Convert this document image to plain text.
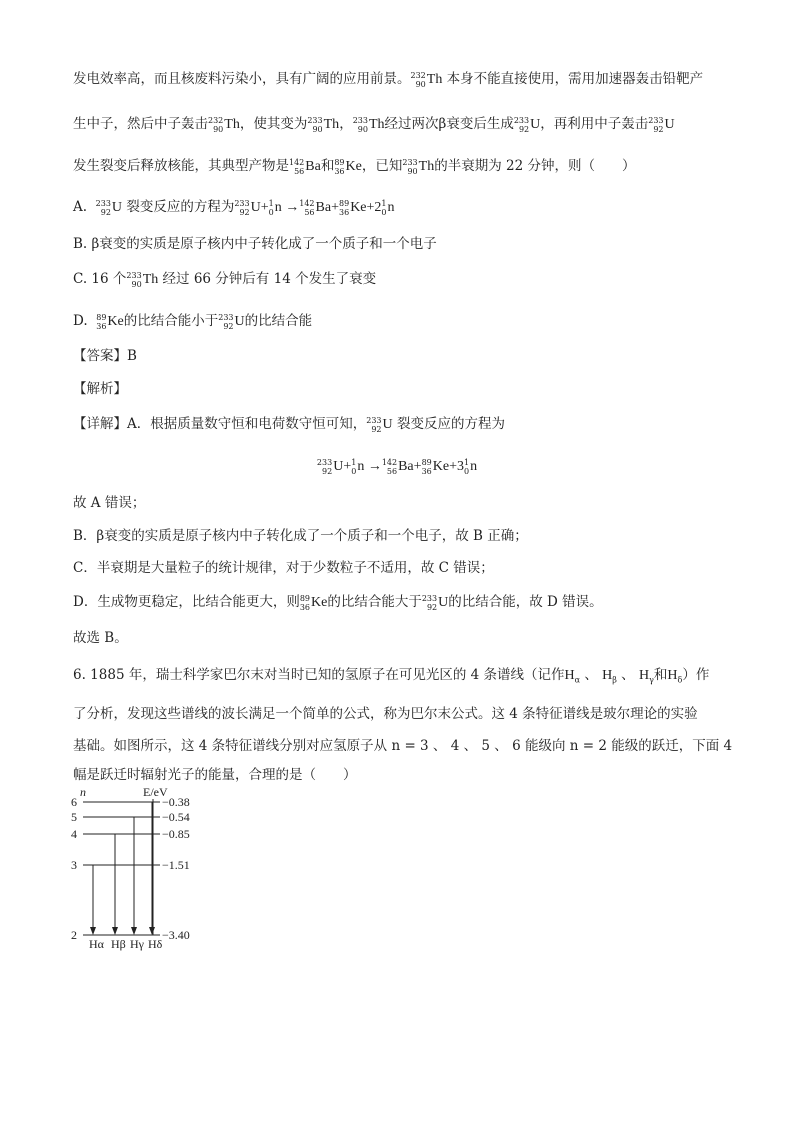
发电效率高，而且核废料污染小，具有广阔的应用前景。 232
90 Th 本身不能直接使用，需用加速器轰击铅靶产
生中子，然后中子轰击 232
90 Th，使其变为 233
90 Th， 233
90 Th经过两次β衰变后生成 233
92 U，再利用中子轰击 233
92 U
发生裂变后释放核能，其典型产物是 142
56 Ba和 89
36 Ke，已知 233
90 Th的半衰期为 22 分钟，则（　　）
A. 233
92 U 裂变反应的方程为 233
92 U+ 1
0 n → 142
56 Ba+ 89
36 Ke+2 1
0 n
B. β衰变的实质是原子核内中子转化成了一个质子和一个电子
C. 16 个 233
90 Th 经过 66 分钟后有 14 个发生了衰变
D. 89
36 Ke的比结合能小于 233
92 U的比结合能
【答案】B
【解析】
【详解】A．根据质量数守恒和电荷数守恒可知， 233
92 U 裂变反应的方程为
233
92 U+ 1
0 n → 142
56 Ba+ 89
36 Ke+3 1
0 n
故 A 错误；
B．β衰变的实质是原子核内中子转化成了一个质子和一个电子，故 B 正确；
C．半衰期是大量粒子的统计规律，对于少数粒子不适用，故 C 错误；
D．生成物更稳定，比结合能更大，则 89
36 Ke的比结合能大于 233
92 U的比结合能，故 D 错误。
故选 B。
6. 1885 年，瑞士科学家巴尔末对当时已知的氢原子在可见光区的 4 条谱线（记作$H_\alpha$ 、 $H_\beta$ 、 $H_\gamma$和$H_\delta$）作
了分析，发现这些谱线的波长满足一个简单的公式，称为巴尔末公式。这 4 条特征谱线是玻尔理论的实验
基础。如图所示，这 4 条特征谱线分别对应氢原子从 n = 3 、 4 、 5 、 6 能级向 n = 2 能级的跃迁，下面 4
幅是跃迁时辐射光子的能量，合理的是（　　）
n	E/eV
6	−0.38
5	−0.54
4	−0.85
3	−1.51
2	−3.40
Hα Hβ Hγ Hδ
